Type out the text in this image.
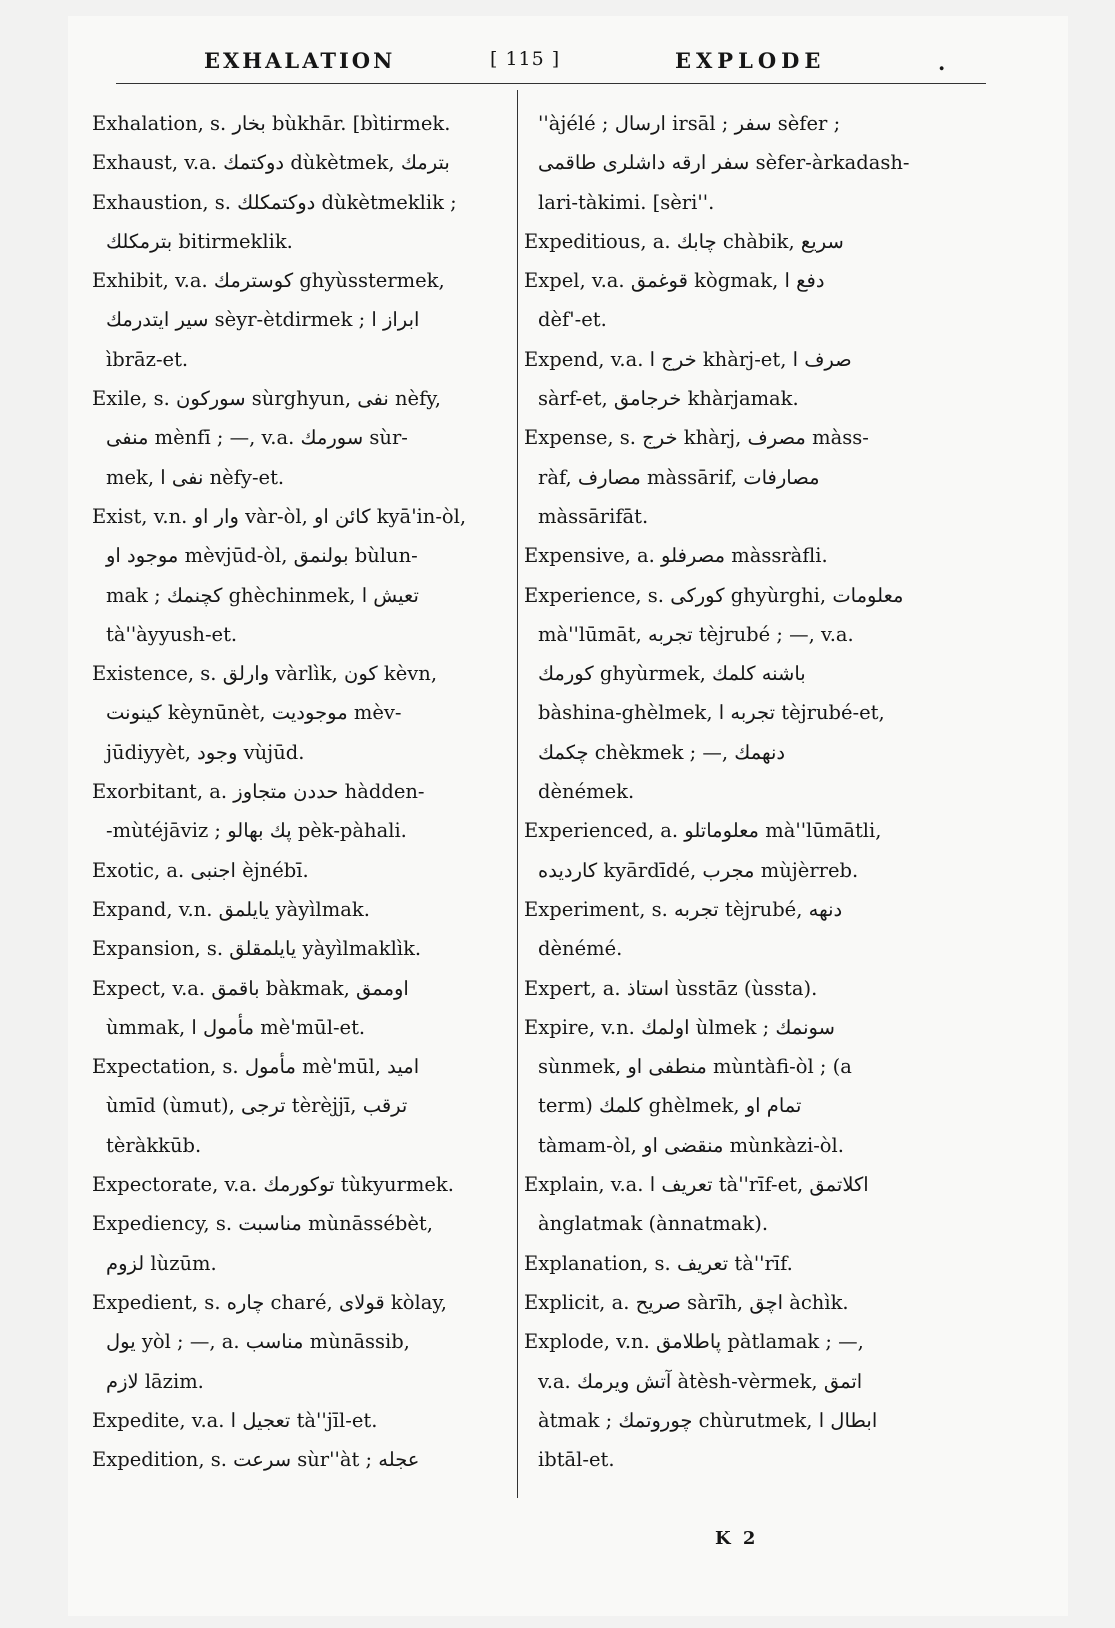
EXHALATION	[ 115 ]	EXPLODE	.
Exhalation, s. بخار bùkhār. [bìtirmek.
Exhaust, v.a. دوكتمك dùkètmek, بترمك
Exhaustion, s. دوكتمكلك dùkètmeklik ;
بترمكلك bitirmeklik.
Exhibit, v.a. كوسترمك ghyùsstermek,
سير ايتدرمك sèyr-ètdirmek ; ابراز ا
ìbrāz-et.
Exile, s. سوركون sùrghyun, نفى nèfy,
منفى mènfī ; —, v.a. سورمك sùr-
mek, نفى ا nèfy-et.
Exist, v.n. وار او vàr-òl, كائن او kyā'in-òl,
موجود او mèvjūd-òl, بولنمق bùlun-
mak ; كچنمك ghèchinmek, تعيش ا
tà''àyyush-et.
Existence, s. وارلق vàrlìk, كون kèvn,
كينونت kèynūnèt, موجوديت mèv-
jūdiyyèt, وجود vùjūd.
Exorbitant, a. حددن متجاوز hàdden-
-mùtéjāviz ; پك بهالو pèk-pàhali.
Exotic, a. اجنبى èjnébī.
Expand, v.n. يايلمق yàyìlmak.
Expansion, s. يايلمقلق yàyìlmaklìk.
Expect, v.a. باقمق bàkmak, اوممق
ùmmak, مأمول ا mè'mūl-et.
Expectation, s. مأمول mè'mūl, اميد
ùmīd (ùmut), ترجى tèrèjjī, ترقب
tèràkkūb.
Expectorate, v.a. توكورمك tùkyurmek.
Expediency, s. مناسبت mùnāssébèt,
لزوم lùzūm.
Expedient, s. چاره charé, قولاى kòlay,
يول yòl ; —, a. مناسب mùnāssib,
لازم lāzim.
Expedite, v.a. تعجيل ا tà''jīl-et.
Expedition, s. سرعت sùr''àt ; عجله
''àjélé ; ارسال irsāl ; سفر sèfer ;
سفر ارقه داشلرى طاقمى sèfer-àrkadash-
lari-tàkimi. [sèri''.
Expeditious, a. چابك chàbik, سريع
Expel, v.a. قوغمق kògmak, دفع ا
dèf'-et.
Expend, v.a. خرج ا khàrj-et, صرف ا
sàrf-et, خرجامق khàrjamak.
Expense, s. خرج khàrj, مصرف màss-
ràf, مصارف màssārif, مصارفات
màssārifāt.
Expensive, a. مصرفلو màssràfli.
Experience, s. كوركى ghyùrghi, معلومات
mà''lūmāt, تجربه tèjrubé ; —, v.a.
كورمك ghyùrmek, باشنه كلمك
bàshina-ghèlmek, تجربه ا tèjrubé-et,
چكمك chèkmek ; —, دنهمك
dènémek.
Experienced, a. معلوماتلو mà''lūmātli,
كارديده kyārdīdé, مجرب mùjèrreb.
Experiment, s. تجربه tèjrubé, دنهه
dènémé.
Expert, a. استاذ ùsstāz (ùssta).
Expire, v.n. اولمك ùlmek ; سونمك
sùnmek, منطفى او mùntàfi-òl ; (a
term) كلمك ghèlmek, تمام او
tàmam-òl, منقضى او mùnkàzi-òl.
Explain, v.a. تعريف ا tà''rīf-et, اكلاتمق
ànglatmak (ànnatmak).
Explanation, s. تعريف tà''rīf.
Explicit, a. صريح sàrīh, اچق àchìk.
Explode, v.n. پاطلامق pàtlamak ; —,
v.a. آتش ويرمك àtèsh-vèrmek, اتمق
àtmak ; چوروتمك chùrutmek, ابطال ا
ibtāl-et.
K 2
